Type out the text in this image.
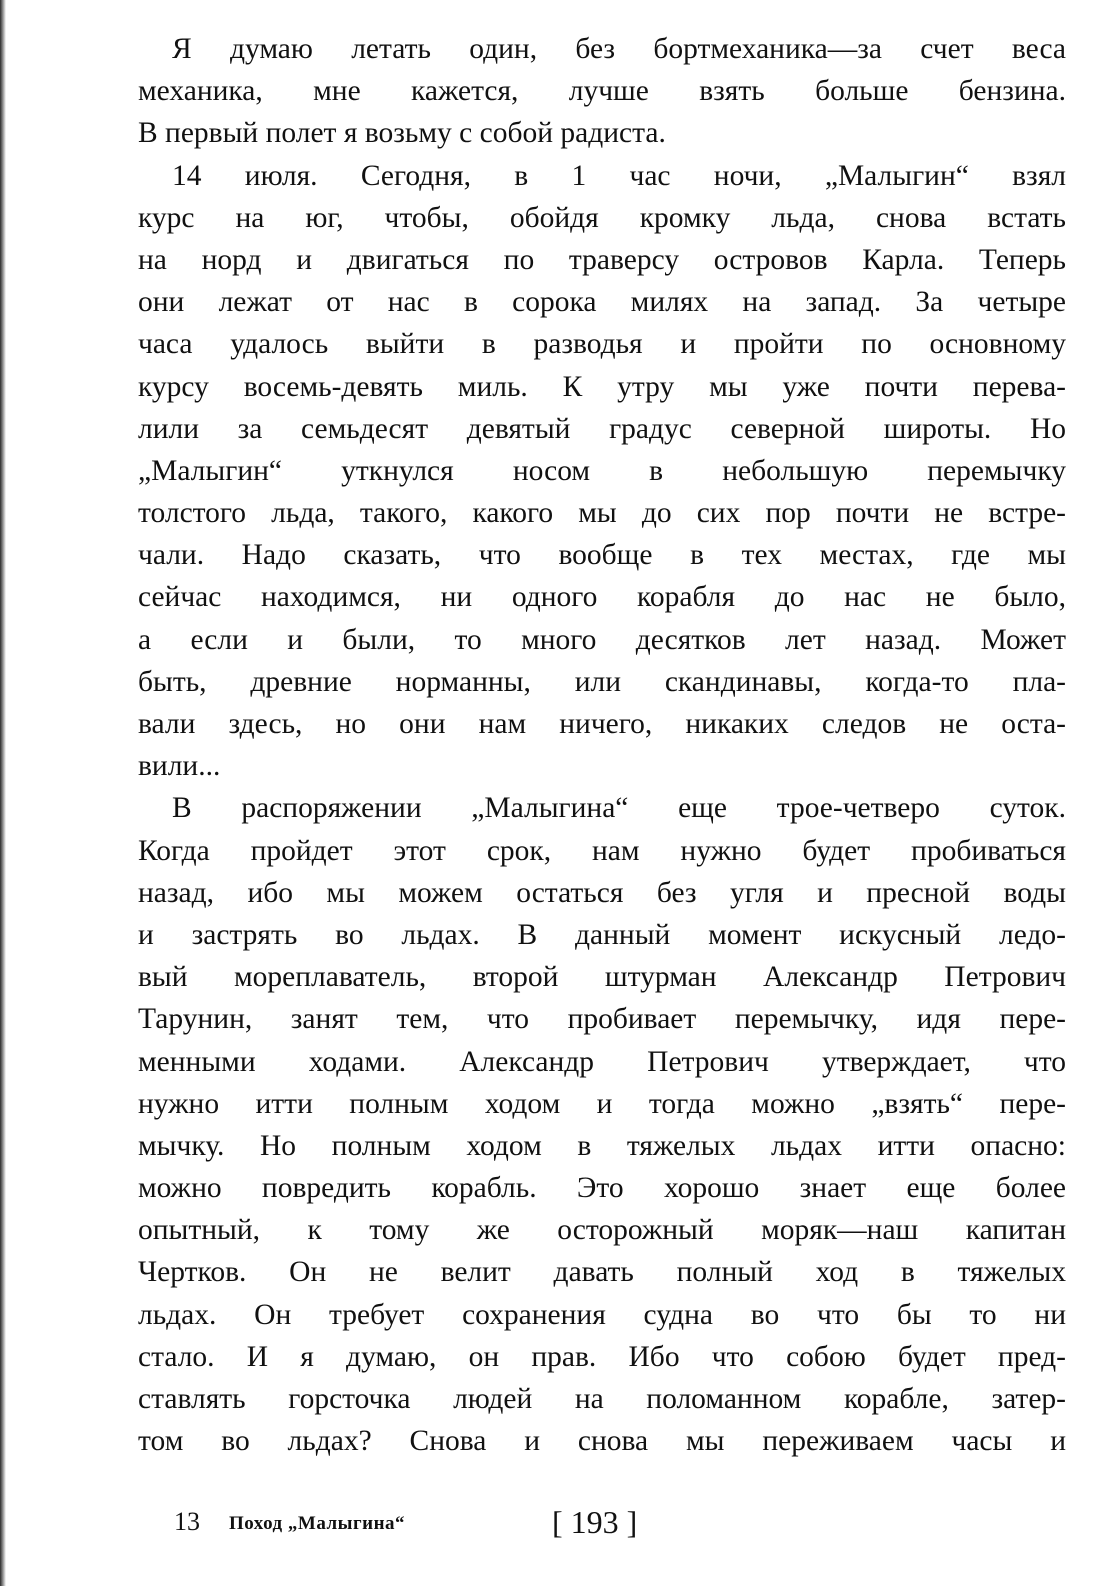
Я думаю летать один, без бортмеханика—за счет веса
механика, мне кажется, лучше взять больше бензина.
В первый полет я возьму с собой радиста.
14 июля. Сегодня, в 1 час ночи, „Малыгин“ взял
курс на юг, чтобы, обойдя кромку льда, снова встать
на норд и двигаться по траверсу островов Карла. Теперь
они лежат от нас в сорока милях на запад. За четыре
часа удалось выйти в разводья и пройти по основному
курсу восемь-девять миль. К утру мы уже почти перева-
лили за семьдесят девятый градус северной широты. Но
„Малыгин“ уткнулся носом в небольшую перемычку
толстого льда, такого, какого мы до сих пор почти не встре-
чали. Надо сказать, что вообще в тех местах, где мы
сейчас находимся, ни одного корабля до нас не было,
а если и были, то много десятков лет назад. Может
быть, древние норманны, или скандинавы, когда-то пла-
вали здесь, но они нам ничего, никаких следов не оста-
вили...
В распоряжении „Малыгина“ еще трое-четверо суток.
Когда пройдет этот срок, нам нужно будет пробиваться
назад, ибо мы можем остаться без угля и пресной воды
и застрять во льдах. В данный момент искусный ледо-
вый мореплаватель, второй штурман Александр Петрович
Тарунин, занят тем, что пробивает перемычку, идя пере-
менными ходами. Александр Петрович утверждает, что
нужно итти полным ходом и тогда можно „взять“ пере-
мычку. Но полным ходом в тяжелых льдах итти опасно:
можно повредить корабль. Это хорошо знает еще более
опытный, к тому же осторожный моряк—наш капитан
Чертков. Он не велит давать полный ход в тяжелых
льдах. Он требует сохранения судна во что бы то ни
стало. И я думаю, он прав. Ибо что собою будет пред-
ставлять горсточка людей на поломанном корабле, затер-
том во льдах? Снова и снова мы переживаем часы и
13 Поход „Малыгина“	[ 193 ]
